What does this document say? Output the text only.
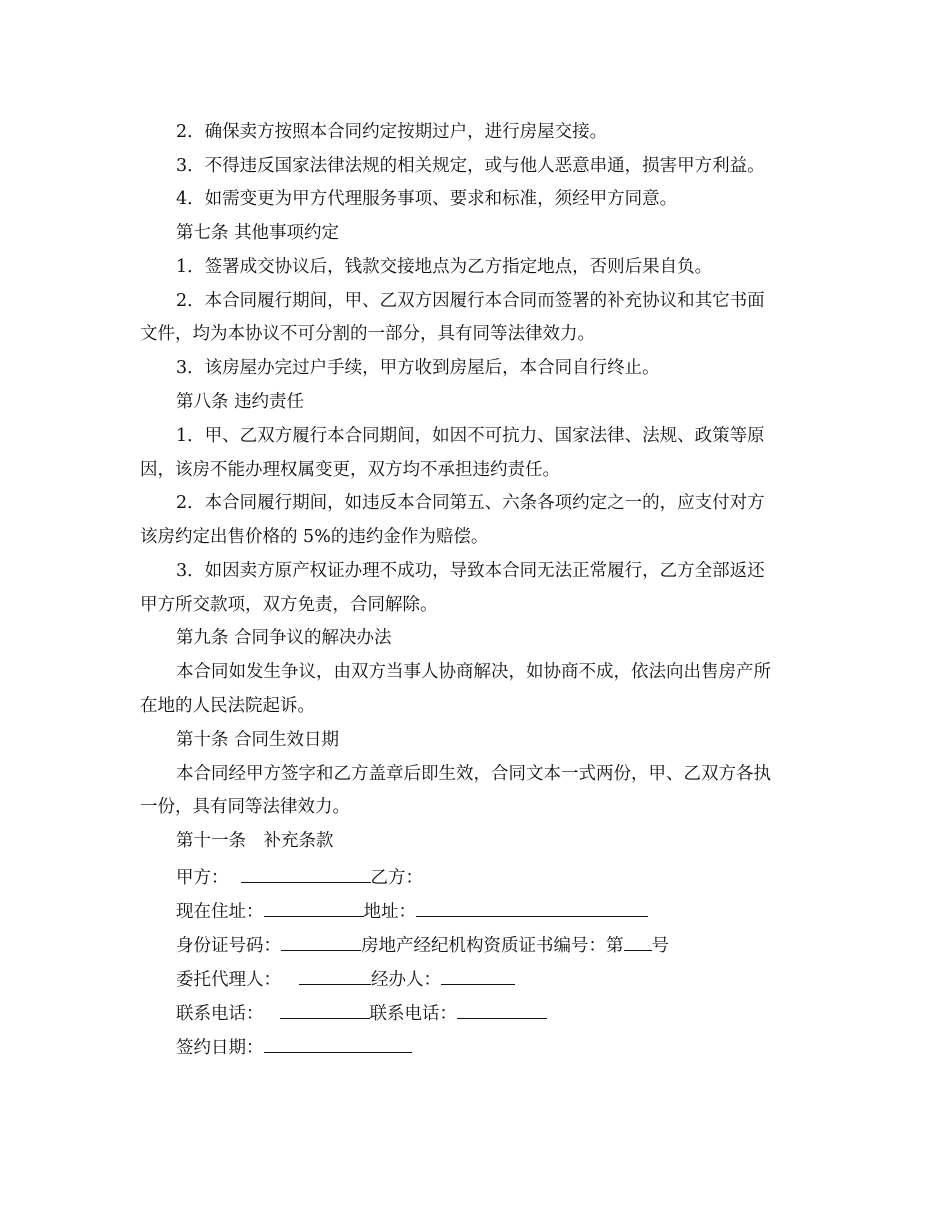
2．确保卖方按照本合同约定按期过户，进行房屋交接。
3．不得违反国家法律法规的相关规定，或与他人恶意串通，损害甲方利益。
4．如需变更为甲方代理服务事项、要求和标准，须经甲方同意。
第七条 其他事项约定
1．签署成交协议后，钱款交接地点为乙方指定地点，否则后果自负。
2．本合同履行期间，甲、乙双方因履行本合同而签署的补充协议和其它书面
文件，均为本协议不可分割的一部分，具有同等法律效力。
3．该房屋办完过户手续，甲方收到房屋后，本合同自行终止。
第八条 违约责任
1．甲、乙双方履行本合同期间，如因不可抗力、国家法律、法规、政策等原
因，该房不能办理权属变更，双方均不承担违约责任。
2．本合同履行期间，如违反本合同第五、六条各项约定之一的，应支付对方
该房约定出售价格的 5%的违约金作为赔偿。
3．如因卖方原产权证办理不成功，导致本合同无法正常履行，乙方全部返还
甲方所交款项，双方免责，合同解除。
第九条 合同争议的解决办法
本合同如发生争议，由双方当事人协商解决，如协商不成，依法向出售房产所
在地的人民法院起诉。
第十条 合同生效日期
本合同经甲方签字和乙方盖章后即生效，合同文本一式两份，甲、乙双方各执
一份，具有同等法律效力。
第十一条　补充条款
甲方：	乙方：
现在住址：	地址：
身份证号码：	房地产经纪机构资质证书编号：第 号
委托代理人：	经办人：
联系电话：	联系电话：
签约日期：
